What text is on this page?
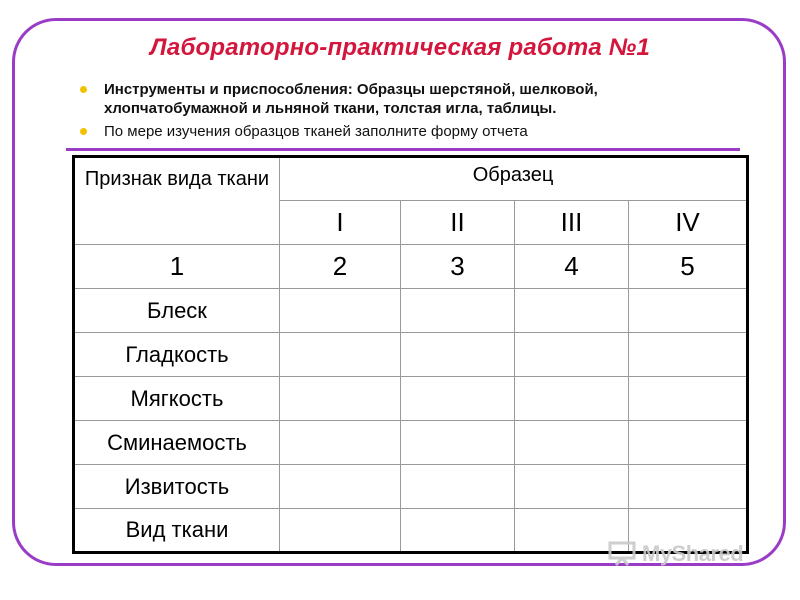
Лабораторно-практическая работа №1
Инструменты и приспособления: Образцы шерстяной, шелковой, хлопчатобумажной и льняной ткани, толстая игла, таблицы.
По мере изучения образцов тканей заполните форму отчета
Признак вида ткани	Образец			
	I	II	III	IV
1	2	3	4	5
Блеск				
Гладкость				
Мягкость				
Сминаемость				
Извитость				
Вид ткани				
MyShared
